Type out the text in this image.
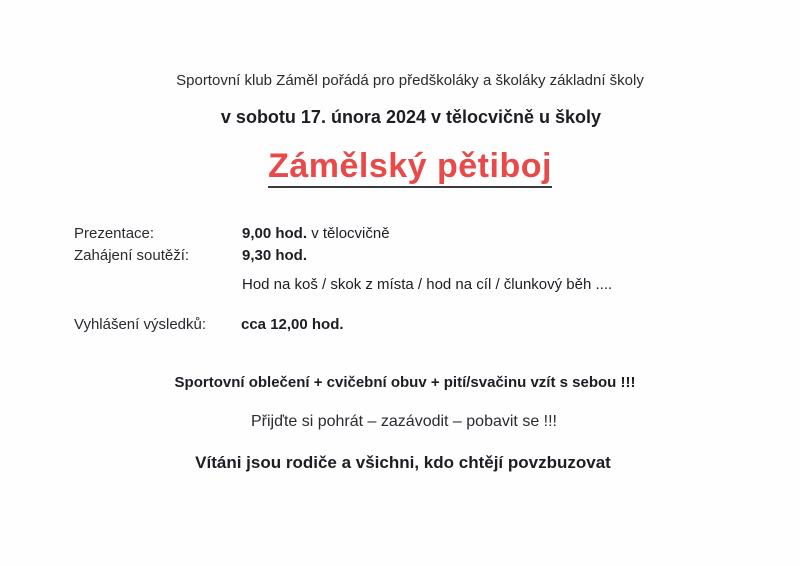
Sportovní klub Záměl pořádá pro předškoláky a školáky základní školy
v sobotu 17. února 2024 v tělocvičně u školy
Zámělský pětiboj
Prezentace:	9,00 hod. v tělocvičně
Zahájení soutěží:	9,30 hod.
Hod na koš / skok z místa / hod na cíl / člunkový běh ....
Vyhlášení výsledků: cca 12,00 hod.
Sportovní oblečení + cvičební obuv + pití/svačinu vzít s sebou !!!
Přijďte si pohrát – zazávodit – pobavit se !!!
Vítáni jsou rodiče a všichni, kdo chtějí povzbuzovat
